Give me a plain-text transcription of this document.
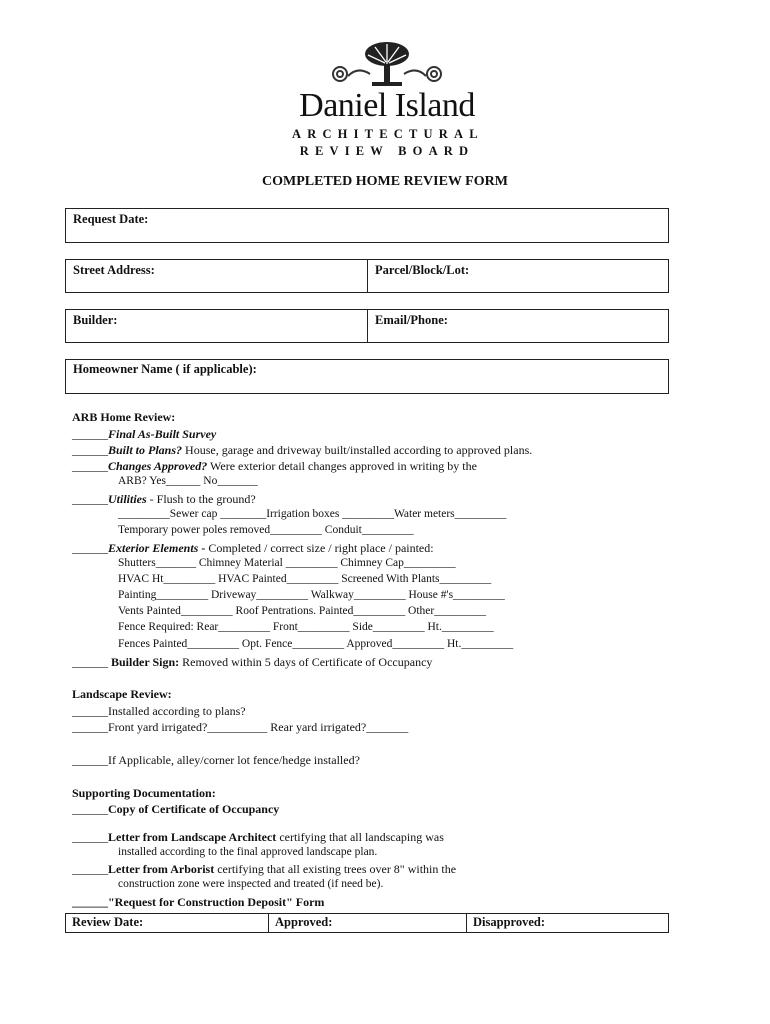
Daniel Island
ARCHITECTURAL
REVIEW BOARD
COMPLETED HOME REVIEW FORM
Request Date:
Street Address:	Parcel/Block/Lot:
Builder:	Email/Phone:
Homeowner Name ( if applicable):
ARB Home Review:
______Final As-Built Survey
______Built to Plans? House, garage and driveway built/installed according to approved plans.
______Changes Approved? Were exterior detail changes approved in writing by the
ARB? Yes______ No_______
______Utilities - Flush to the ground?
_________Sewer cap ________Irrigation boxes _________Water meters_________
Temporary power poles removed_________ Conduit_________
______Exterior Elements - Completed / correct size / right place / painted:
Shutters_______ Chimney Material _________ Chimney Cap_________
HVAC Ht_________ HVAC Painted_________ Screened With Plants_________
Painting_________ Driveway_________ Walkway_________ House #'s_________
Vents Painted_________ Roof Pentrations. Painted_________ Other_________
Fence Required: Rear_________ Front_________ Side_________ Ht._________
Fences Painted_________ Opt. Fence_________ Approved_________ Ht._________
______ Builder Sign: Removed within 5 days of Certificate of Occupancy
Landscape Review:
______Installed according to plans?
______Front yard irrigated?__________ Rear yard irrigated?_______
______If Applicable, alley/corner lot fence/hedge installed?
Supporting Documentation:
______Copy of Certificate of Occupancy
______Letter from Landscape Architect certifying that all landscaping was
installed according to the final approved landscape plan.
______Letter from Arborist certifying that all existing trees over 8" within the
construction zone were inspected and treated (if need be).
______"Request for Construction Deposit" Form
Review Date:	Approved:	Disapproved:
